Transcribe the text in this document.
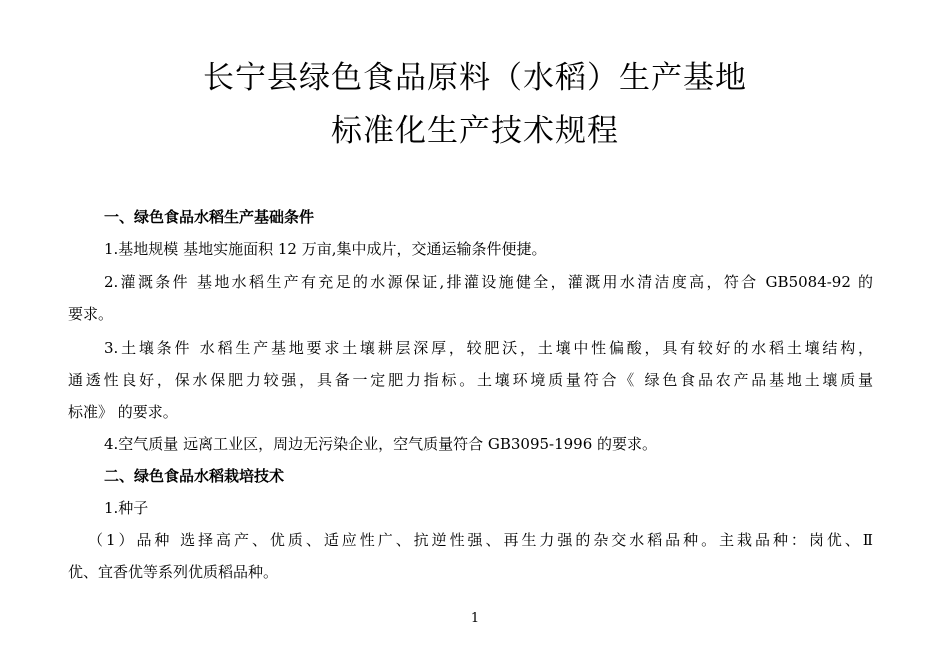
长宁县绿色食品原料（水稻）生产基地
标准化生产技术规程
一、绿色食品水稻生产基础条件
1.基地规模 基地实施面积 12 万亩,集中成片，交通运输条件便捷。
2.灌溉条件 基地水稻生产有充足的水源保证,排灌设施健全，灌溉用水清洁度高，符合 GB5084-92 的
要求。
3.土壤条件 水稻生产基地要求土壤耕层深厚，较肥沃，土壤中性偏酸，具有较好的水稻土壤结构，
通透性良好，保水保肥力较强，具备一定肥力指标。土壤环境质量符合《 绿色食品农产品基地土壤质量
标准》 的要求。
4.空气质量 远离工业区，周边无污染企业，空气质量符合 GB3095-1996 的要求。
二、绿色食品水稻栽培技术
1.种子
（1）品种 选择高产、优质、适应性广、抗逆性强、再生力强的杂交水稻品种。主栽品种：岗优、Ⅱ
优、宜香优等系列优质稻品种。
1
